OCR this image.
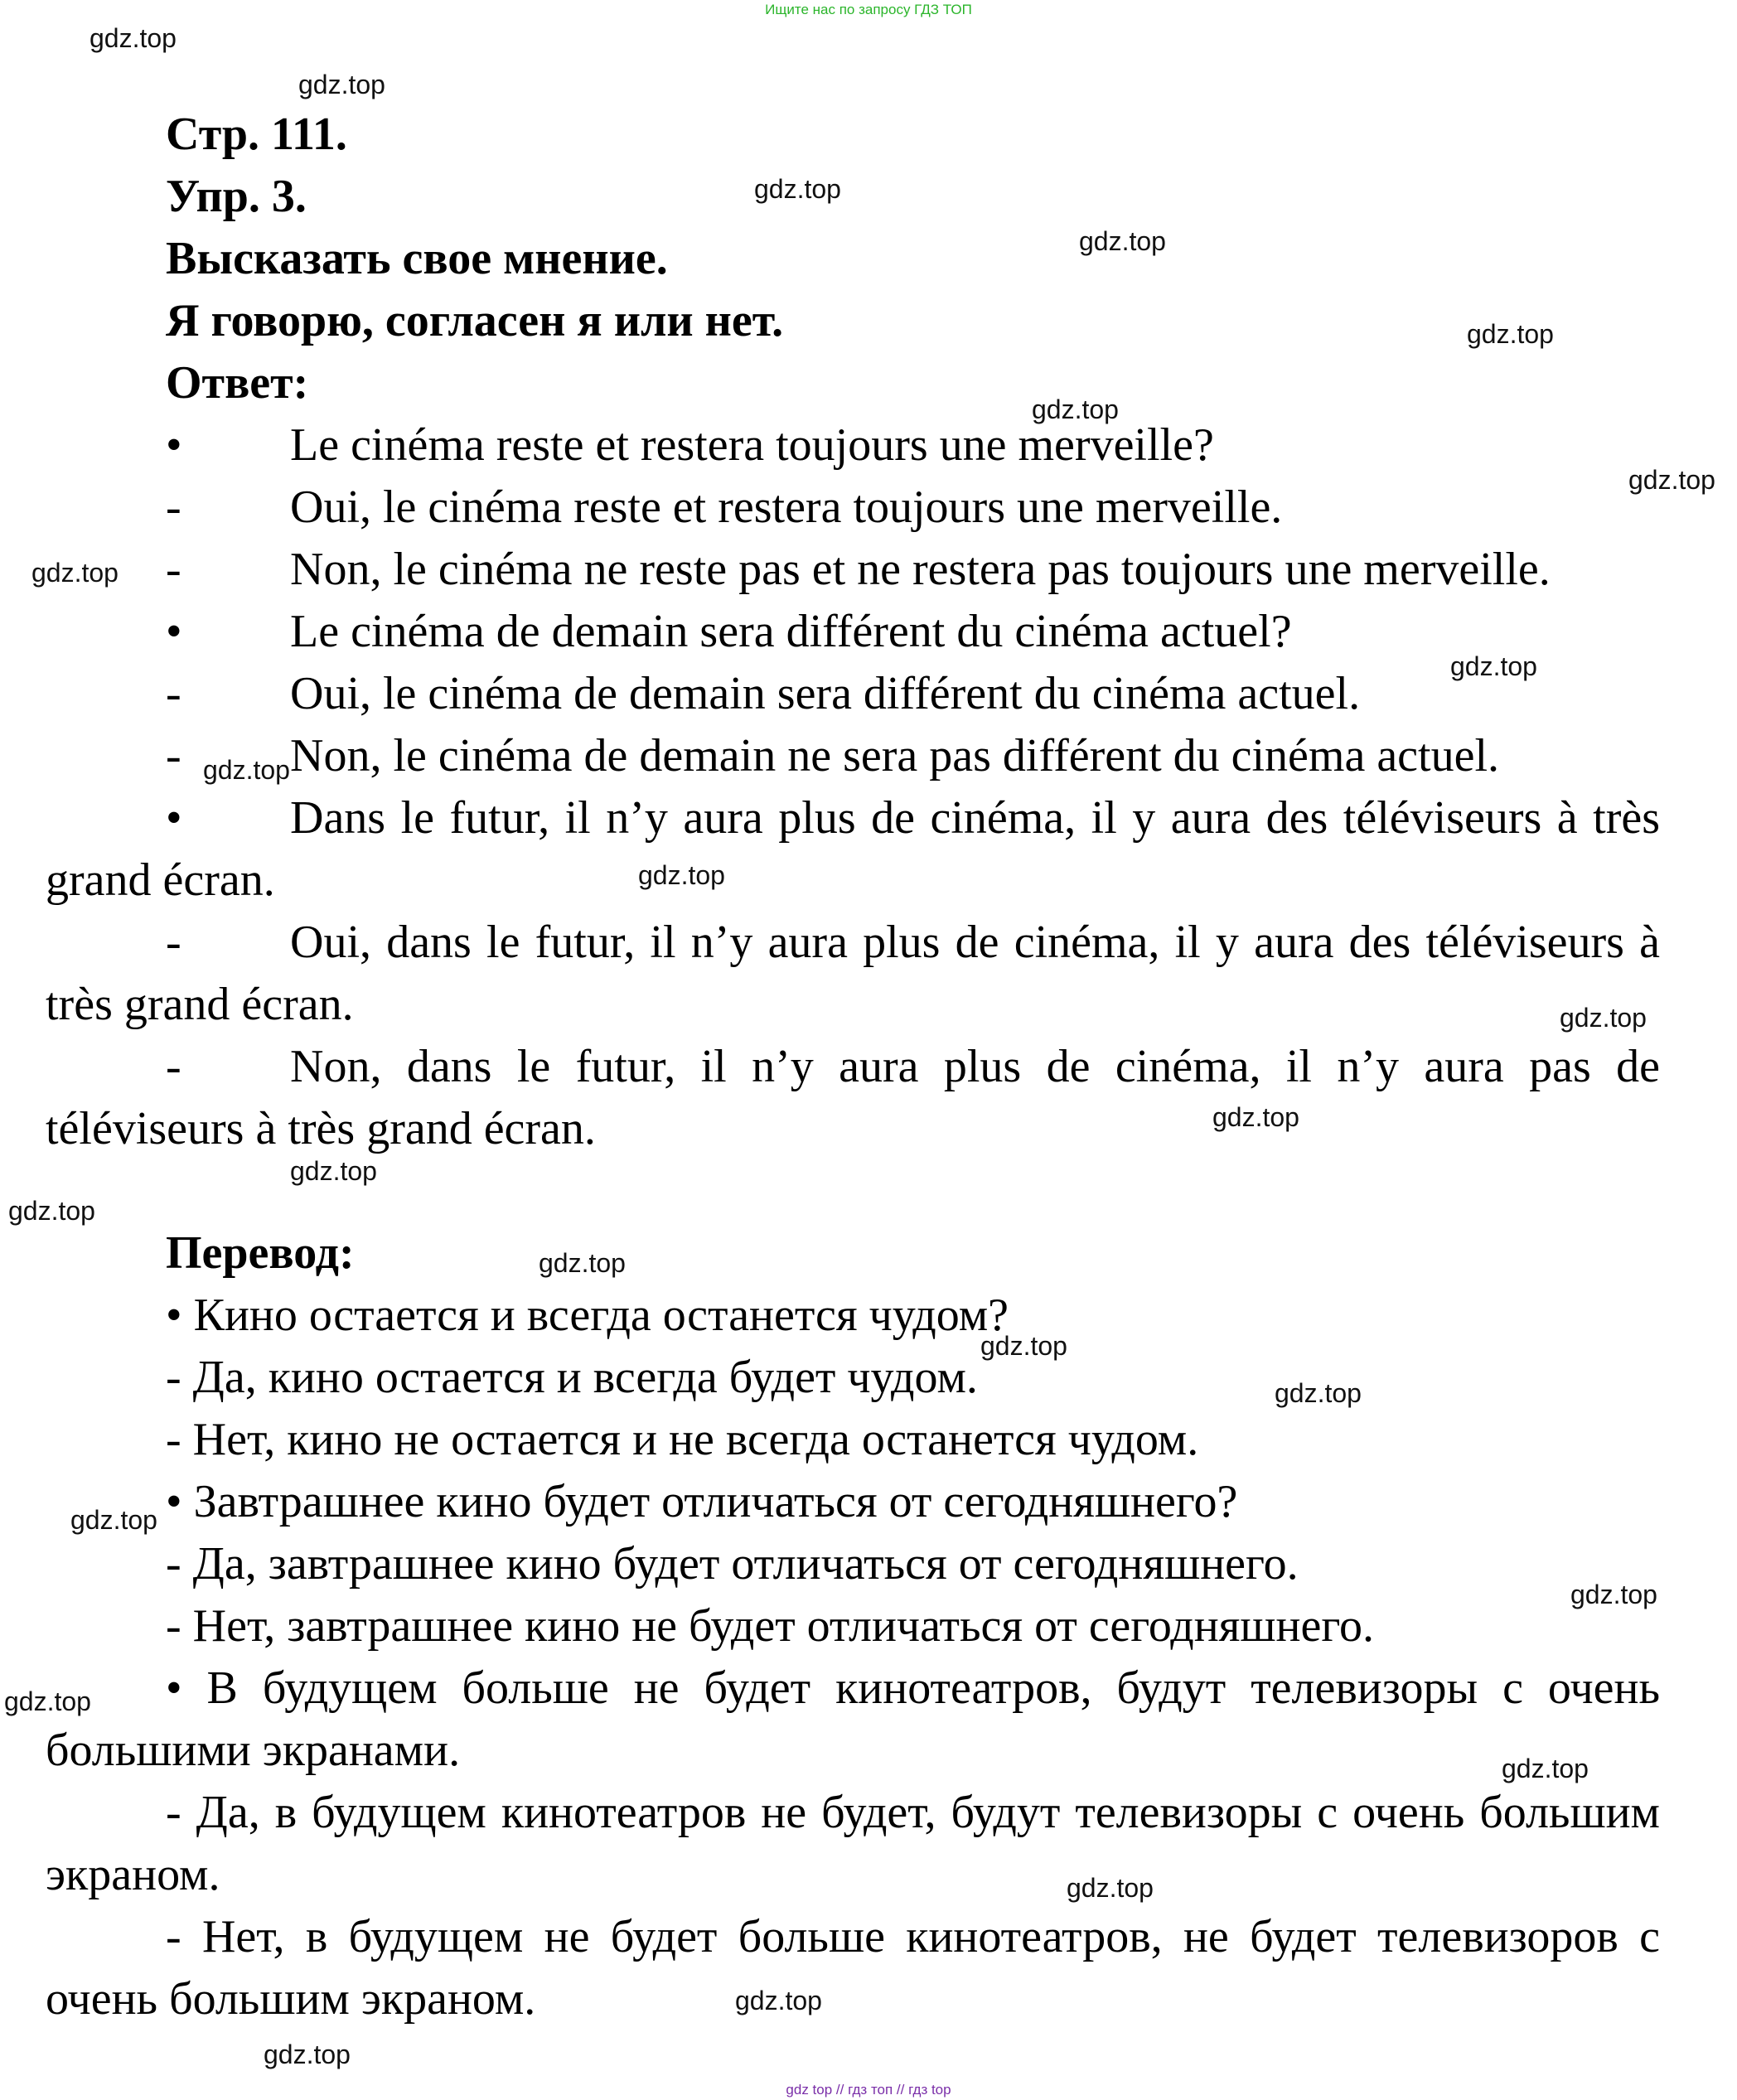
Ищите нас по запросу ГДЗ ТОП
Стр. 111.
Упр. 3.
Высказать свое мнение.
Я говорю, согласен я или нет.
Ответ:
• Le cinéma reste et restera toujours une merveille?
- Oui, le cinéma reste et restera toujours une merveille.
- Non, le cinéma ne reste pas et ne restera pas toujours une merveille.
• Le cinéma de demain sera différent du cinéma actuel?
- Oui, le cinéma de demain sera différent du cinéma actuel.
- Non, le cinéma de demain ne sera pas différent du cinéma actuel.
•	Dans le futur, il n’y aura plus de cinéma, il y aura des téléviseurs à très grand écran.
-	Oui, dans le futur, il n’y aura plus de cinéma, il y aura des téléviseurs à très grand écran.
-	Non, dans le futur, il n’y aura plus de cinéma, il n’y aura pas de téléviseurs à très grand écran.
Перевод:
• Кино остается и всегда останется чудом?
- Да, кино остается и всегда будет чудом.
- Нет, кино не остается и не всегда останется чудом.
• Завтрашнее кино будет отличаться от сегодняшнего?
- Да, завтрашнее кино будет отличаться от сегодняшнего.
- Нет, завтрашнее кино не будет отличаться от сегодняшнего.
• В будущем больше не будет кинотеатров, будут телевизоры с очень большими экранами.
- Да, в будущем кинотеатров не будет, будут телевизоры с очень большим экраном.
- Нет, в будущем не будет больше кинотеатров, не будет телевизоров с очень большим экраном.
gdz.top
gdz.top
gdz.top
gdz.top
gdz.top
gdz.top
gdz.top
gdz.top
gdz.top
gdz.top
gdz.top
gdz.top
gdz.top
gdz.top
gdz.top
gdz.top
gdz.top
gdz.top
gdz.top
gdz.top
gdz.top
gdz.top
gdz.top
gdz.top
gdz.top
gdz top // гдз топ // гдз top
